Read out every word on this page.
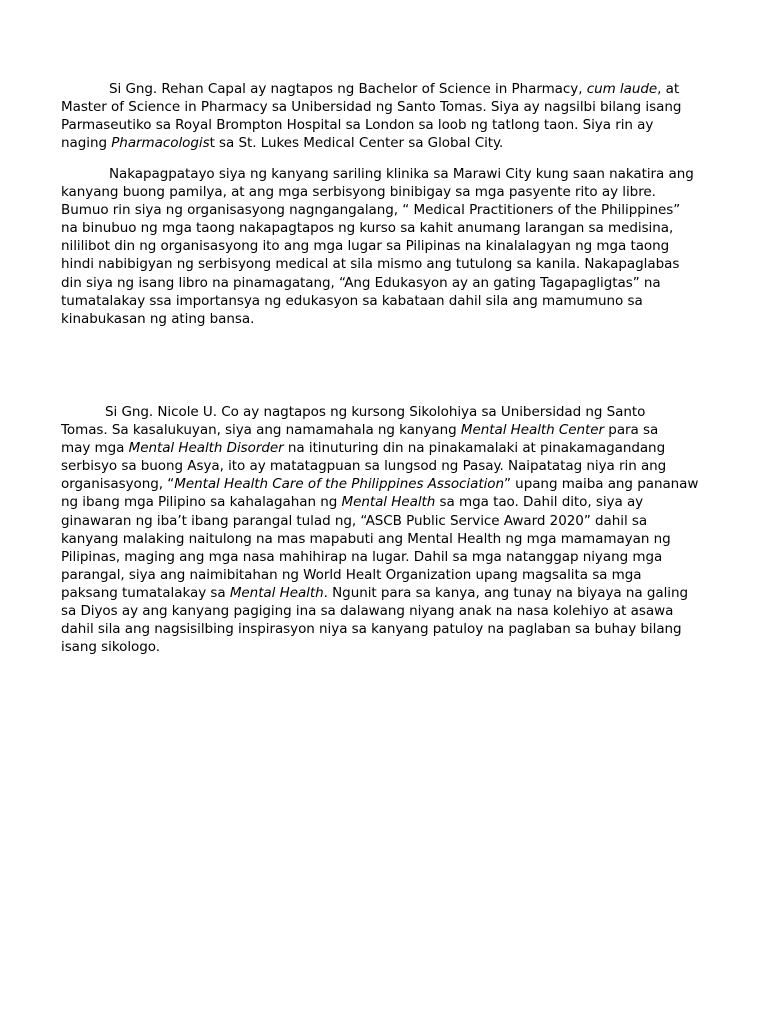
Si Gng. Rehan Capal ay nagtapos ng Bachelor of Science in Pharmacy, cum laude, at
Master of Science in Pharmacy sa Unibersidad ng Santo Tomas. Siya ay nagsilbi bilang isang
Parmaseutiko sa Royal Brompton Hospital sa London sa loob ng tatlong taon. Siya rin ay
naging Pharmacologist sa St. Lukes Medical Center sa Global City.

Nakapagpatayo siya ng kanyang sariling klinika sa Marawi City kung saan nakatira ang
kanyang buong pamilya, at ang mga serbisyong binibigay sa mga pasyente rito ay libre.
Bumuo rin siya ng organisasyong nagngangalang, “ Medical Practitioners of the Philippines”
na binubuo ng mga taong nakapagtapos ng kurso sa kahit anumang larangan sa medisina,
nililibot din ng organisasyong ito ang mga lugar sa Pilipinas na kinalalagyan ng mga taong
hindi nabibigyan ng serbisyong medical at sila mismo ang tutulong sa kanila. Nakapaglabas
din siya ng isang libro na pinamagatang, “Ang Edukasyon ay an gating Tagapagligtas” na
tumatalakay ssa importansya ng edukasyon sa kabataan dahil sila ang mamumuno sa
kinabukasan ng ating bansa.

Si Gng. Nicole U. Co ay nagtapos ng kursong Sikolohiya sa Unibersidad ng Santo
Tomas. Sa kasalukuyan, siya ang namamahala ng kanyang Mental Health Center para sa
may mga Mental Health Disorder na itinuturing din na pinakamalaki at pinakamagandang
serbisyo sa buong Asya, ito ay matatagpuan sa lungsod ng Pasay. Naipatatag niya rin ang
organisasyong, “Mental Health Care of the Philippines Association” upang maiba ang pananaw
ng ibang mga Pilipino sa kahalagahan ng Mental Health sa mga tao. Dahil dito, siya ay
ginawaran ng iba’t ibang parangal tulad ng, “ASCB Public Service Award 2020” dahil sa
kanyang malaking naitulong na mas mapabuti ang Mental Health ng mga mamamayan ng
Pilipinas, maging ang mga nasa mahihirap na lugar. Dahil sa mga natanggap niyang mga
parangal, siya ang naimibitahan ng World Healt Organization upang magsalita sa mga
paksang tumatalakay sa Mental Health. Ngunit para sa kanya, ang tunay na biyaya na galing
sa Diyos ay ang kanyang pagiging ina sa dalawang niyang anak na nasa kolehiyo at asawa
dahil sila ang nagsisilbing inspirasyon niya sa kanyang patuloy na paglaban sa buhay bilang
isang sikologo.
